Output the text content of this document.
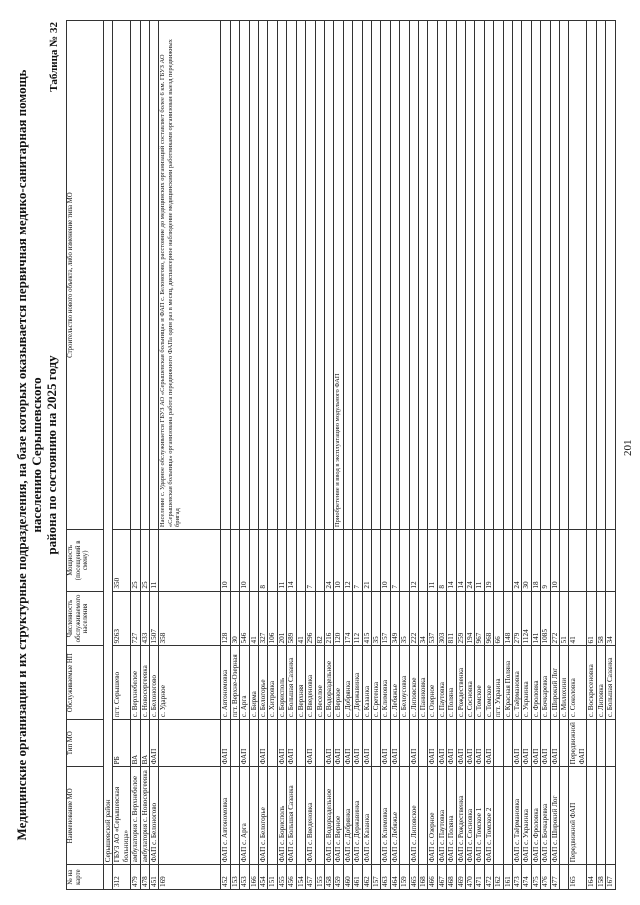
Медицинские организации и их структурные подразделения, на базе которых оказывается первичная медико-санитарная помощь населению Серышевского района по состоянию на 2025 году
Таблица № 32
№ на карте	Наименование МО	Тип МО	Обслуживаемые НП	Численность обслуживаемого населения	Мощность (посещений в смену)	Строительство нового объекта, либо изменение типа МО
	Серышевский район					
312	ГБУЗ АО «Серышевская больница»	РБ	пгт. Серышево	9263	350	
479	амбулатория с. Верхнебелое	ВА	с. Верхнебелое	727	25	
478	амбулатория с. Новосергеевка	ВА	с. Новосергеевка	433	25	
451	ФАП с. Белоногово	ФАП	с. Белоногово	1507	11	
169			с. Ударное	358		Население с. Ударное обслуживается ГБУЗ АО «Серышевская больница» и ФАП с. Белоногово, расстояние до медицинских организаций составляет более 6 км. ГБУЗ АО «Серышевская больница» организована работа передвижного ФАПа один раз в месяц, диспансерное наблюдение медицинскими работниками организован выезд передвижных бригад
452	ФАП с. Автономовка	ФАП	с. Автономовка	128	10	
153			пгт. Верхне-Озерная	30		
453	ФАП с. Арга	ФАП	с. Арга	546	10	
166			с. Бирма	41		
454	ФАП с. Белогорье	ФАП	с. Белогорье	327	8	
151			с. Хитровка	106		
455	ФАП с. Борисполь	ФАП	с. Борисполь	201	11	
456	ФАП с. Большая Сазанка	ФАП	с. Большая Сазанка	589	14	
154			с. Верхняя	41		
457	ФАП с. Введеновка	ФАП	с. Введеновка	296	7	
155			с. Веселое	82		
458	ФАП с. Водораздельное	ФАП	с. Водораздельное	216	24	
459	ФАП с. Верное	ФАП	с. Верное	120	10	Приобретение и ввод в эксплуатацию модульного ФАП
460	ФАП с. Добрянка	ФАП	с. Добрянка	174	12	
461	ФАП с. Державинка	ФАП	с. Державинка	112	7	
462	ФАП с. Казанка	ФАП	с. Казанка	415	21	
157			с. Сретенка	35		
463	ФАП с. Климовка	ФАП	с. Климовка	157	10	
464	ФАП с. Лебяжье	ФАП	с. Лебяжье	349	7	
159			с. Белоусовка	35		
465	ФАП с. Липовское	ФАП	с. Липовское	222	12	
168			с. Паниковка	34		
466	ФАП с. Озерное	ФАП	с. Озерное	537	11	
467	ФАП с. Паутовка	ФАП	с. Паутовка	303	8	
468	ФАП с. Поляна	ФАП	с. Поляна	811	14	
469	ФАП с. Рождественка	ФАП	с. Рождественка	259	14	
470	ФАП с. Сосновка	ФАП	с. Сосновка	194	24	
471	ФАП с. Томское 1	ФАП	с. Томское	967	11	
472	ФАП с. Томское 2	ФАП	с. Томское	968	19	
162			пгт. Украина	66		
161			с. Красная Поляна	148		
473	ФАП с. Таёрмановка	ФАП	с. Таёрмановка	279	24	
474	ФАП с. Украинка	ФАП	с. Украинка	1124	30	
475	ФАП с. Фроловка	ФАП	с. Фроловка	141	18	
476	ФАП с. Бочкаревка	ФАП	с. Бочкаревка	1085	9	
477	ФАП с. Широкий Лог	ФАП	с. Широкий Лог	272	10	
			с. Милохини	51		
165	Передвижной ФАП	Передвижной ФАП	с. Соколовка	41		
164			с. Воскресеновка	61		
158			с. Липовка	58		
167			с. Большая Сазанка	34		
201
